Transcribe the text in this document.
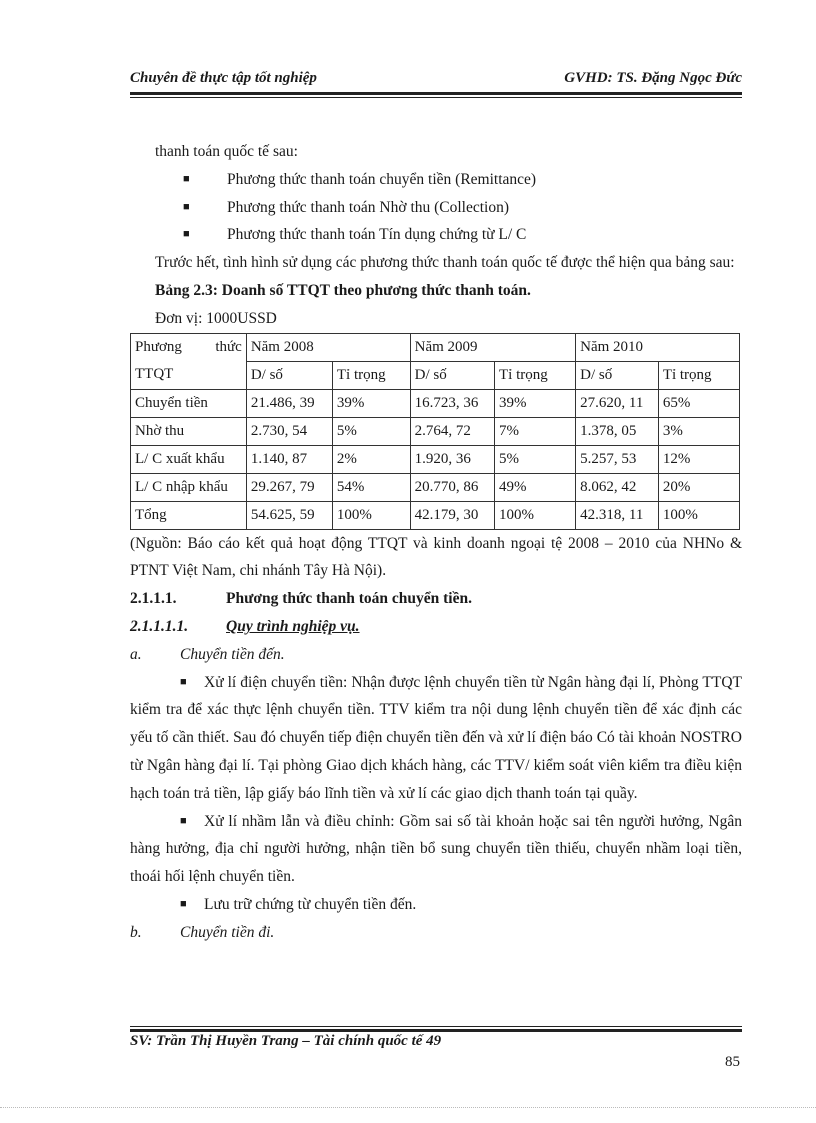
Chuyên đề thực tập tốt nghiệp	GVHD: TS. Đặng Ngọc Đức

thanh toán quốc tế sau:

■ Phương thức thanh toán chuyển tiền (Remittance)

■ Phương thức thanh toán Nhờ thu (Collection)

■ Phương thức thanh toán Tín dụng chứng từ L/ C

Trước hết, tình hình sử dụng các phương thức thanh toán quốc tế được thể hiện qua bảng sau:

Bảng 2.3: Doanh số TTQT theo phương thức thanh toán.

Đơn vị: 1000USSD

Phương thức
TTQT	Năm 2008		Năm 2009		Năm 2010	
	D/ số	Tỉ trọng	D/ số	Tỉ trọng	D/ số	Tỉ trọng
Chuyển tiền	21.486, 39	39%	16.723, 36	39%	27.620, 11	65%
Nhờ thu	2.730, 54	5%	2.764, 72	7%	1.378, 05	3%
L/ C xuất khẩu	1.140, 87	2%	1.920, 36	5%	5.257, 53	12%
L/ C nhập khẩu	29.267, 79	54%	20.770, 86	49%	8.062, 42	20%
Tổng	54.625, 59	100%	42.179, 30	100%	42.318, 11	100%

(Nguồn: Báo cáo kết quả hoạt động TTQT và kinh doanh ngoại tệ 2008 – 2010 của NHNo & PTNT Việt Nam, chi nhánh Tây Hà Nội).

2.1.1.1.	Phương thức thanh toán chuyển tiền.

2.1.1.1.1. Quy trình nghiệp vụ.

a. Chuyển tiền đến.

■ Xử lí điện chuyển tiền: Nhận được lệnh chuyển tiền từ Ngân hàng đại lí, Phòng TTQT kiểm tra để xác thực lệnh chuyển tiền. TTV kiểm tra nội dung lệnh chuyển tiền để xác định các yếu tố cần thiết. Sau đó chuyển tiếp điện chuyển tiền đến và xử lí điện báo Có tài khoản NOSTRO từ Ngân hàng đại lí. Tại phòng Giao dịch khách hàng, các TTV/ kiểm soát viên kiểm tra điều kiện hạch toán trả tiền, lập giấy báo lĩnh tiền và xử lí các giao dịch thanh toán tại quầy.

■ Xử lí nhầm lẫn và điều chỉnh: Gồm sai số tài khoản hoặc sai tên người hưởng, Ngân hàng hưởng, địa chỉ người hưởng, nhận tiền bổ sung chuyển tiền thiếu, chuyển nhầm loại tiền, thoái hối lệnh chuyển tiền.

■ Lưu trữ chứng từ chuyển tiền đến.

b. Chuyển tiền đi.

SV: Trần Thị Huyền Trang – Tài chính quốc tế 49
85
